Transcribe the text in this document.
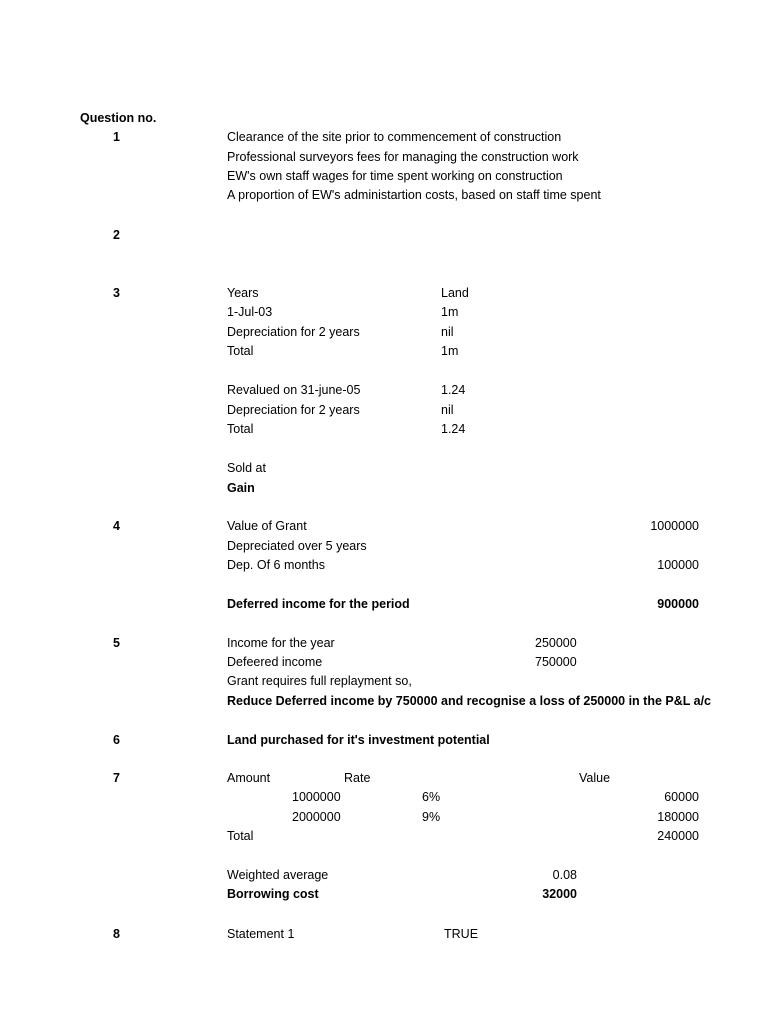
Question no.
1	Clearance of the site prior to commencement of construction
Professional surveyors fees for managing the construction work
EW's own staff wages for time spent working on construction
A proportion of EW's administartion costs, based on staff time spent
2
3	Years	Land
1-Jul-03	1m
Depreciation for 2 years	nil
Total	1m
Revalued on 31-june-05	1.24
Depreciation for 2 years	nil
Total	1.24
Sold at
Gain
4	Value of Grant	1000000
Depreciated over 5 years
Dep. Of 6 months	100000
Deferred income for the period	900000
5	Income for the year	250000
Defeered income	750000
Grant requires full replayment so,
Reduce Deferred income by 750000 and recognise a loss of 250000 in the P&L a/c
6	Land purchased for it's investment potential
7	Amount	Rate	Value
1000000	6%	60000
2000000	9%	180000
Total	240000
Weighted average	0.08
Borrowing cost	32000
8	Statement 1	TRUE
